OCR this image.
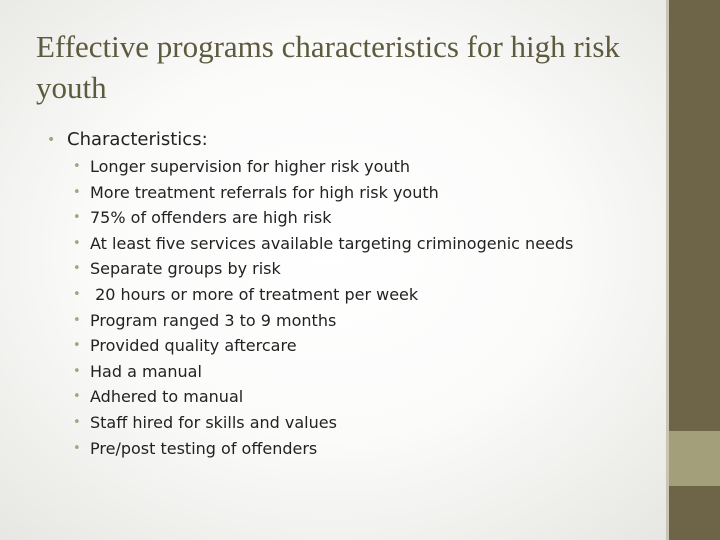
Effective programs characteristics for high risk youth
• Characteristics:
• Longer supervision for higher risk youth
• More treatment referrals for high risk youth
• 75% of offenders are high risk
• At least five services available targeting criminogenic needs
• Separate groups by risk
• 20 hours or more of treatment per week
• Program ranged 3 to 9 months
• Provided quality aftercare
• Had a manual
• Adhered to manual
• Staff hired for skills and values
• Pre/post testing of offenders
